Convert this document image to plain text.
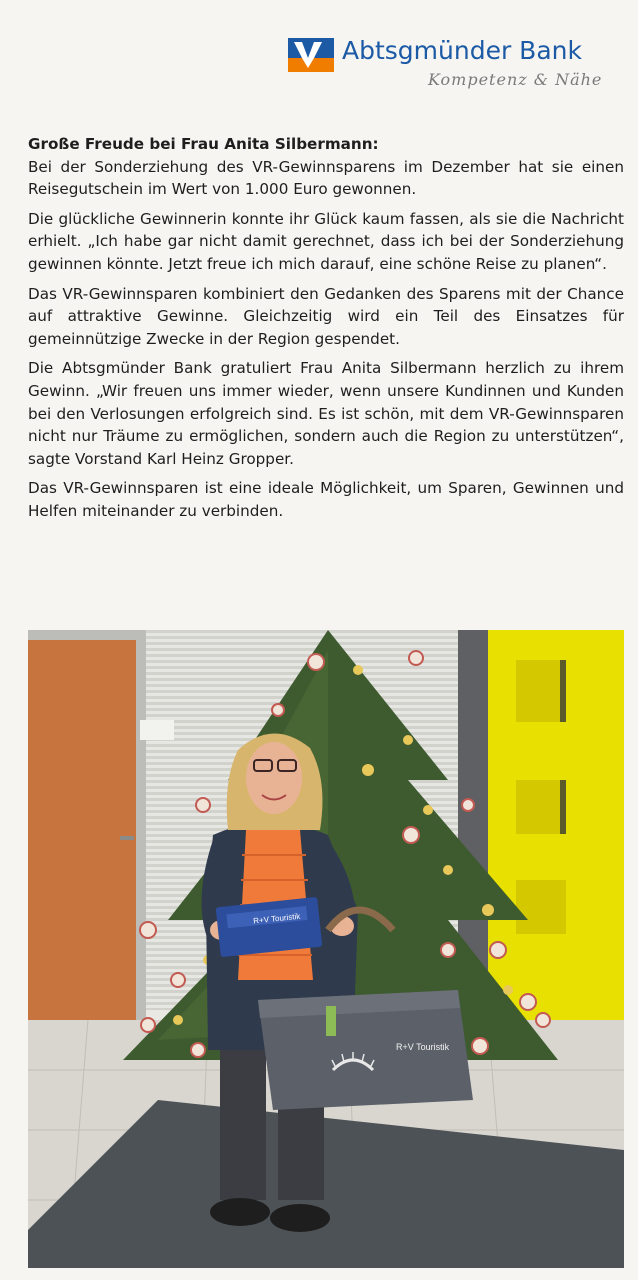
Abtsgmünder Bank
Kompetenz & Nähe

Große Freude bei Frau Anita Silbermann:
Bei der Sonderziehung des VR-Gewinnsparens im Dezember hat sie einen Reisegutschein im Wert von 1.000 Euro gewonnen.

Die glückliche Gewinnerin konnte ihr Glück kaum fassen, als sie die Nachricht erhielt. „Ich habe gar nicht damit gerechnet, dass ich bei der Sonderziehung gewinnen könnte. Jetzt freue ich mich darauf, eine schöne Reise zu planen“.

Das VR-Gewinnsparen kombiniert den Gedanken des Sparens mit der Chance auf attraktive Gewinne. Gleichzeitig wird ein Teil des Einsatzes für gemeinnützige Zwecke in der Region gespendet.

Die Abtsgmünder Bank gratuliert Frau Anita Silbermann herzlich zu ihrem Gewinn. „Wir freuen uns immer wieder, wenn unsere Kundinnen und Kunden bei den Verlosungen erfolgreich sind. Es ist schön, mit dem VR-Gewinnsparen nicht nur Träume zu ermöglichen, sondern auch die Region zu unterstützen“, sagte Vorstand Karl Heinz Gropper.

Das VR-Gewinnsparen ist eine ideale Möglichkeit, um Sparen, Gewinnen und Helfen miteinander zu verbinden.

R+V Touristik
R+V Touristik
